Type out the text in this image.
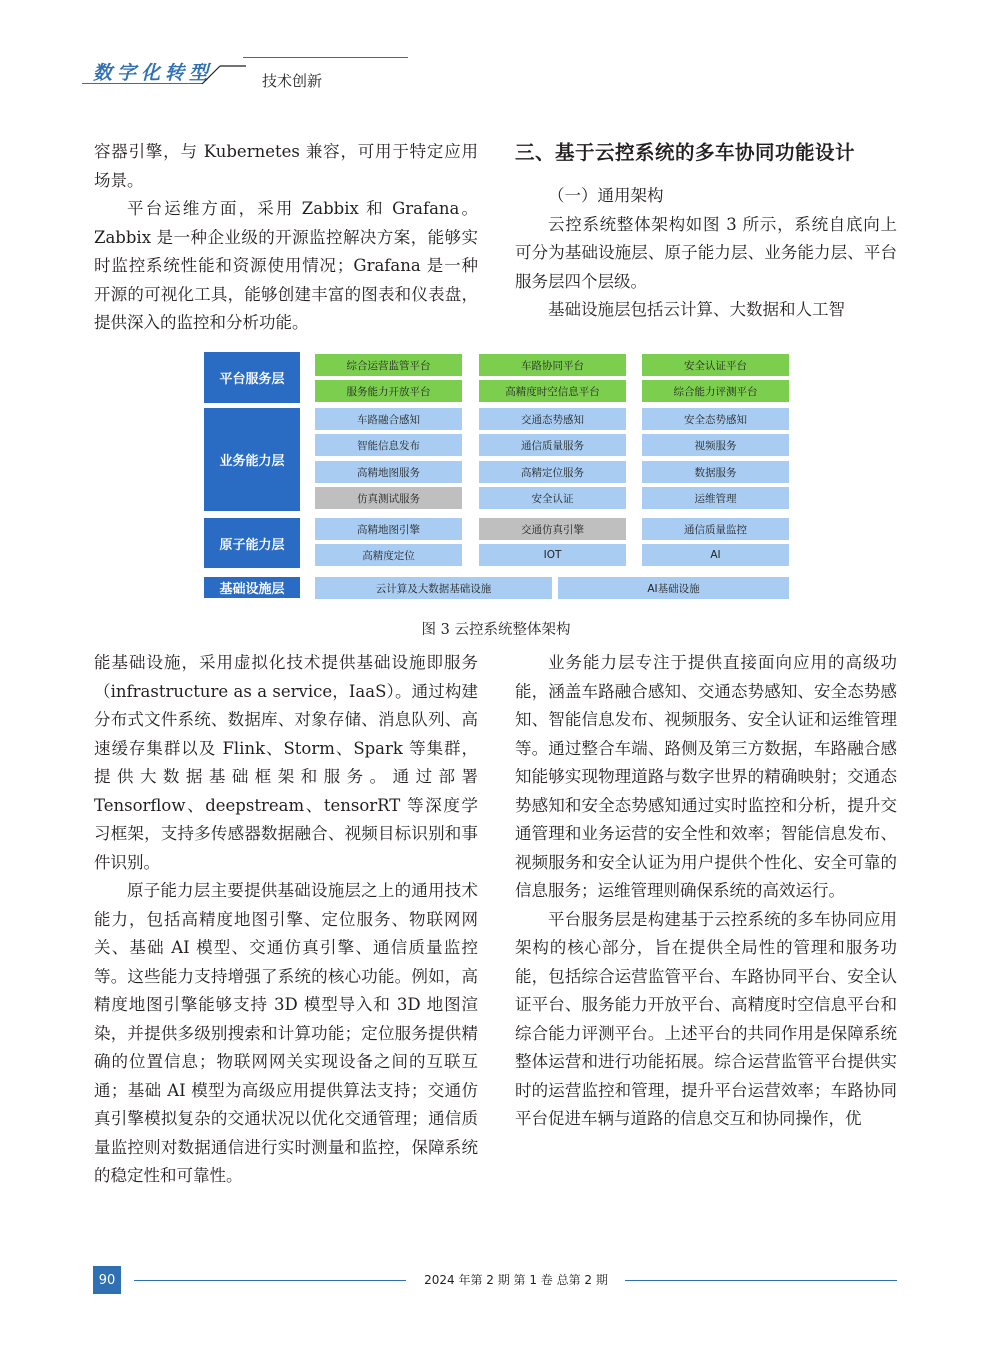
数字化转型	技术创新

容器引擎，与 Kubernetes 兼容，可用于特定应用场景。

平台运维方面，采用 Zabbix 和 Grafana。Zabbix 是一种企业级的开源监控解决方案，能够实时监控系统性能和资源使用情况；Grafana 是一种开源的可视化工具，能够创建丰富的图表和仪表盘，提供深入的监控和分析功能。

三、基于云控系统的多车协同功能设计

（一）通用架构

云控系统整体架构如图 3 所示，系统自底向上可分为基础设施层、原子能力层、业务能力层、平台服务层四个层级。

基础设施层包括云计算、大数据和人工智

平台服务层
业务能力层
原子能力层
基础设施层
综合运营监管平台	车路协同平台	安全认证平台
服务能力开放平台	高精度时空信息平台	综合能力评测平台
车路融合感知	交通态势感知	安全态势感知
智能信息发布	通信质量服务	视频服务
高精地图服务	高精定位服务	数据服务
仿真测试服务	安全认证	运维管理
高精地图引擎	交通仿真引擎	通信质量监控
高精度定位	IOT	AI
云计算及大数据基础设施	AI基础设施
图 3 云控系统整体架构

能基础设施，采用虚拟化技术提供基础设施即服务（infrastructure as a service，IaaS）。通过构建分布式文件系统、数据库、对象存储、消息队列、高速缓存集群以及 Flink、Storm、Spark 等集群，提供大数据基础框架和服务。通过部署 Tensorflow、deepstream、tensorRT 等深度学习框架，支持多传感器数据融合、视频目标识别和事件识别。

原子能力层主要提供基础设施层之上的通用技术能力，包括高精度地图引擎、定位服务、物联网网关、基础 AI 模型、交通仿真引擎、通信质量监控等。这些能力支持增强了系统的核心功能。例如，高精度地图引擎能够支持 3D 模型导入和 3D 地图渲染，并提供多级别搜索和计算功能；定位服务提供精确的位置信息；物联网网关实现设备之间的互联互通；基础 AI 模型为高级应用提供算法支持；交通仿真引擎模拟复杂的交通状况以优化交通管理；通信质量监控则对数据通信进行实时测量和监控，保障系统的稳定性和可靠性。

业务能力层专注于提供直接面向应用的高级功能，涵盖车路融合感知、交通态势感知、安全态势感知、智能信息发布、视频服务、安全认证和运维管理等。通过整合车端、路侧及第三方数据，车路融合感知能够实现物理道路与数字世界的精确映射；交通态势感知和安全态势感知通过实时监控和分析，提升交通管理和业务运营的安全性和效率；智能信息发布、视频服务和安全认证为用户提供个性化、安全可靠的信息服务；运维管理则确保系统的高效运行。

平台服务层是构建基于云控系统的多车协同应用架构的核心部分，旨在提供全局性的管理和服务功能，包括综合运营监管平台、车路协同平台、安全认证平台、服务能力开放平台、高精度时空信息平台和综合能力评测平台。上述平台的共同作用是保障系统整体运营和进行功能拓展。综合运营监管平台提供实时的运营监控和管理，提升平台运营效率；车路协同平台促进车辆与道路的信息交互和协同操作，优

90	2024 年第 2 期 第 1 卷 总第 2 期
